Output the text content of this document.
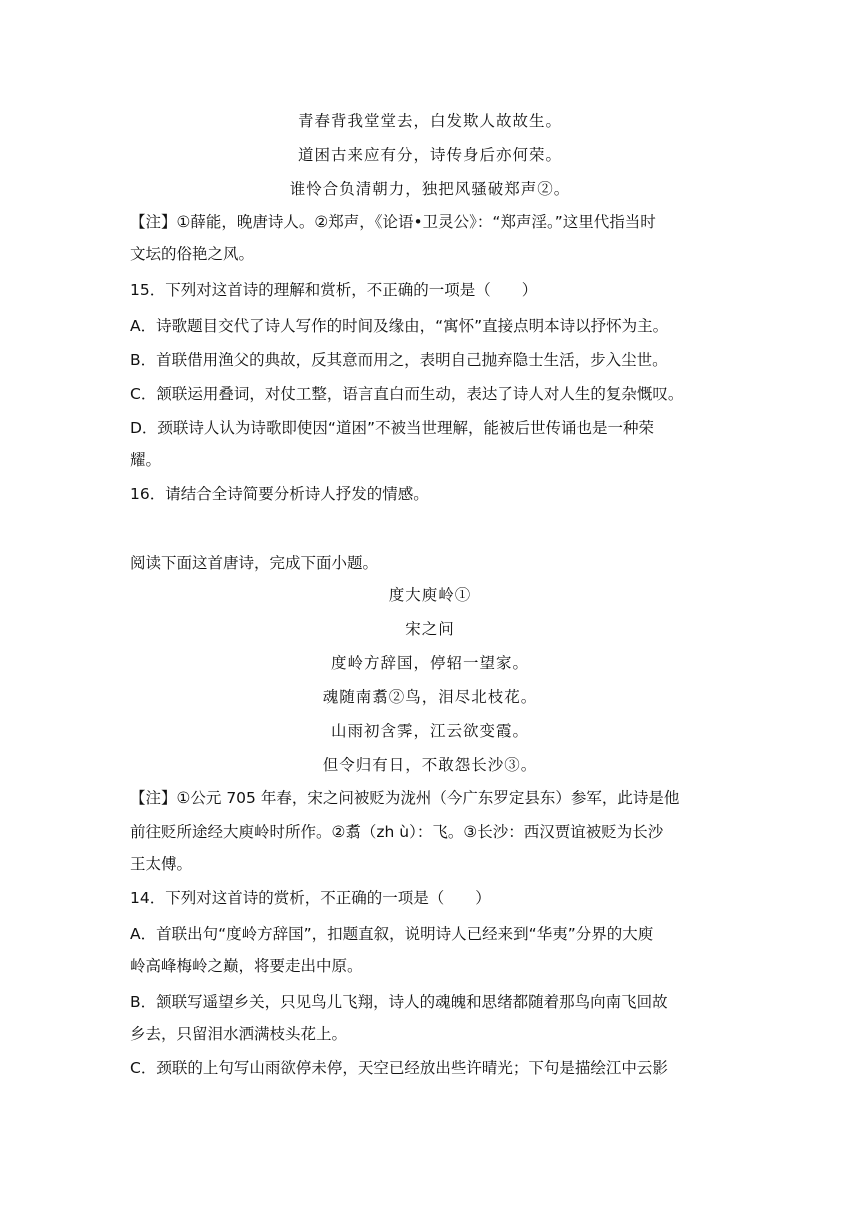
青春背我堂堂去，白发欺人故故生。
道困古来应有分，诗传身后亦何荣。
谁怜合负清朝力，独把风骚破郑声②。
【注】①薛能，晚唐诗人。②郑声，《论语•卫灵公》：“郑声淫。”这里代指当时
文坛的俗艳之风。
15．下列对这首诗的理解和赏析，不正确的一项是（　　）
A．诗歌题目交代了诗人写作的时间及缘由，“寓怀”直接点明本诗以抒怀为主。
B．首联借用渔父的典故，反其意而用之，表明自己抛弃隐士生活，步入尘世。
C．颔联运用叠词，对仗工整，语言直白而生动，表达了诗人对人生的复杂慨叹。
D．颈联诗人认为诗歌即使因“道困”不被当世理解，能被后世传诵也是一种荣
耀。
16．请结合全诗简要分析诗人抒发的情感。
阅读下面这首唐诗，完成下面小题。
度大庾岭①
宋之问
度岭方辞国，停轺一望家。
魂随南翥②鸟，泪尽北枝花。
山雨初含霁，江云欲变霞。
但令归有日，不敢怨长沙③。
【注】①公元 705 年春，宋之问被贬为泷州（今广东罗定县东）参军，此诗是他
前往贬所途经大庾岭时所作。②翥（zh ù）：飞。③长沙：西汉贾谊被贬为长沙
王太傅。
14．下列对这首诗的赏析，不正确的一项是（　　）
A．首联出句“度岭方辞国”，扣题直叙，说明诗人已经来到“华夷”分界的大庾
岭高峰梅岭之巅，将要走出中原。
B．颔联写遥望乡关，只见鸟儿飞翔，诗人的魂魄和思绪都随着那鸟向南飞回故
乡去，只留泪水洒满枝头花上。
C．颈联的上句写山雨欲停未停，天空已经放出些许晴光；下句是描绘江中云影
